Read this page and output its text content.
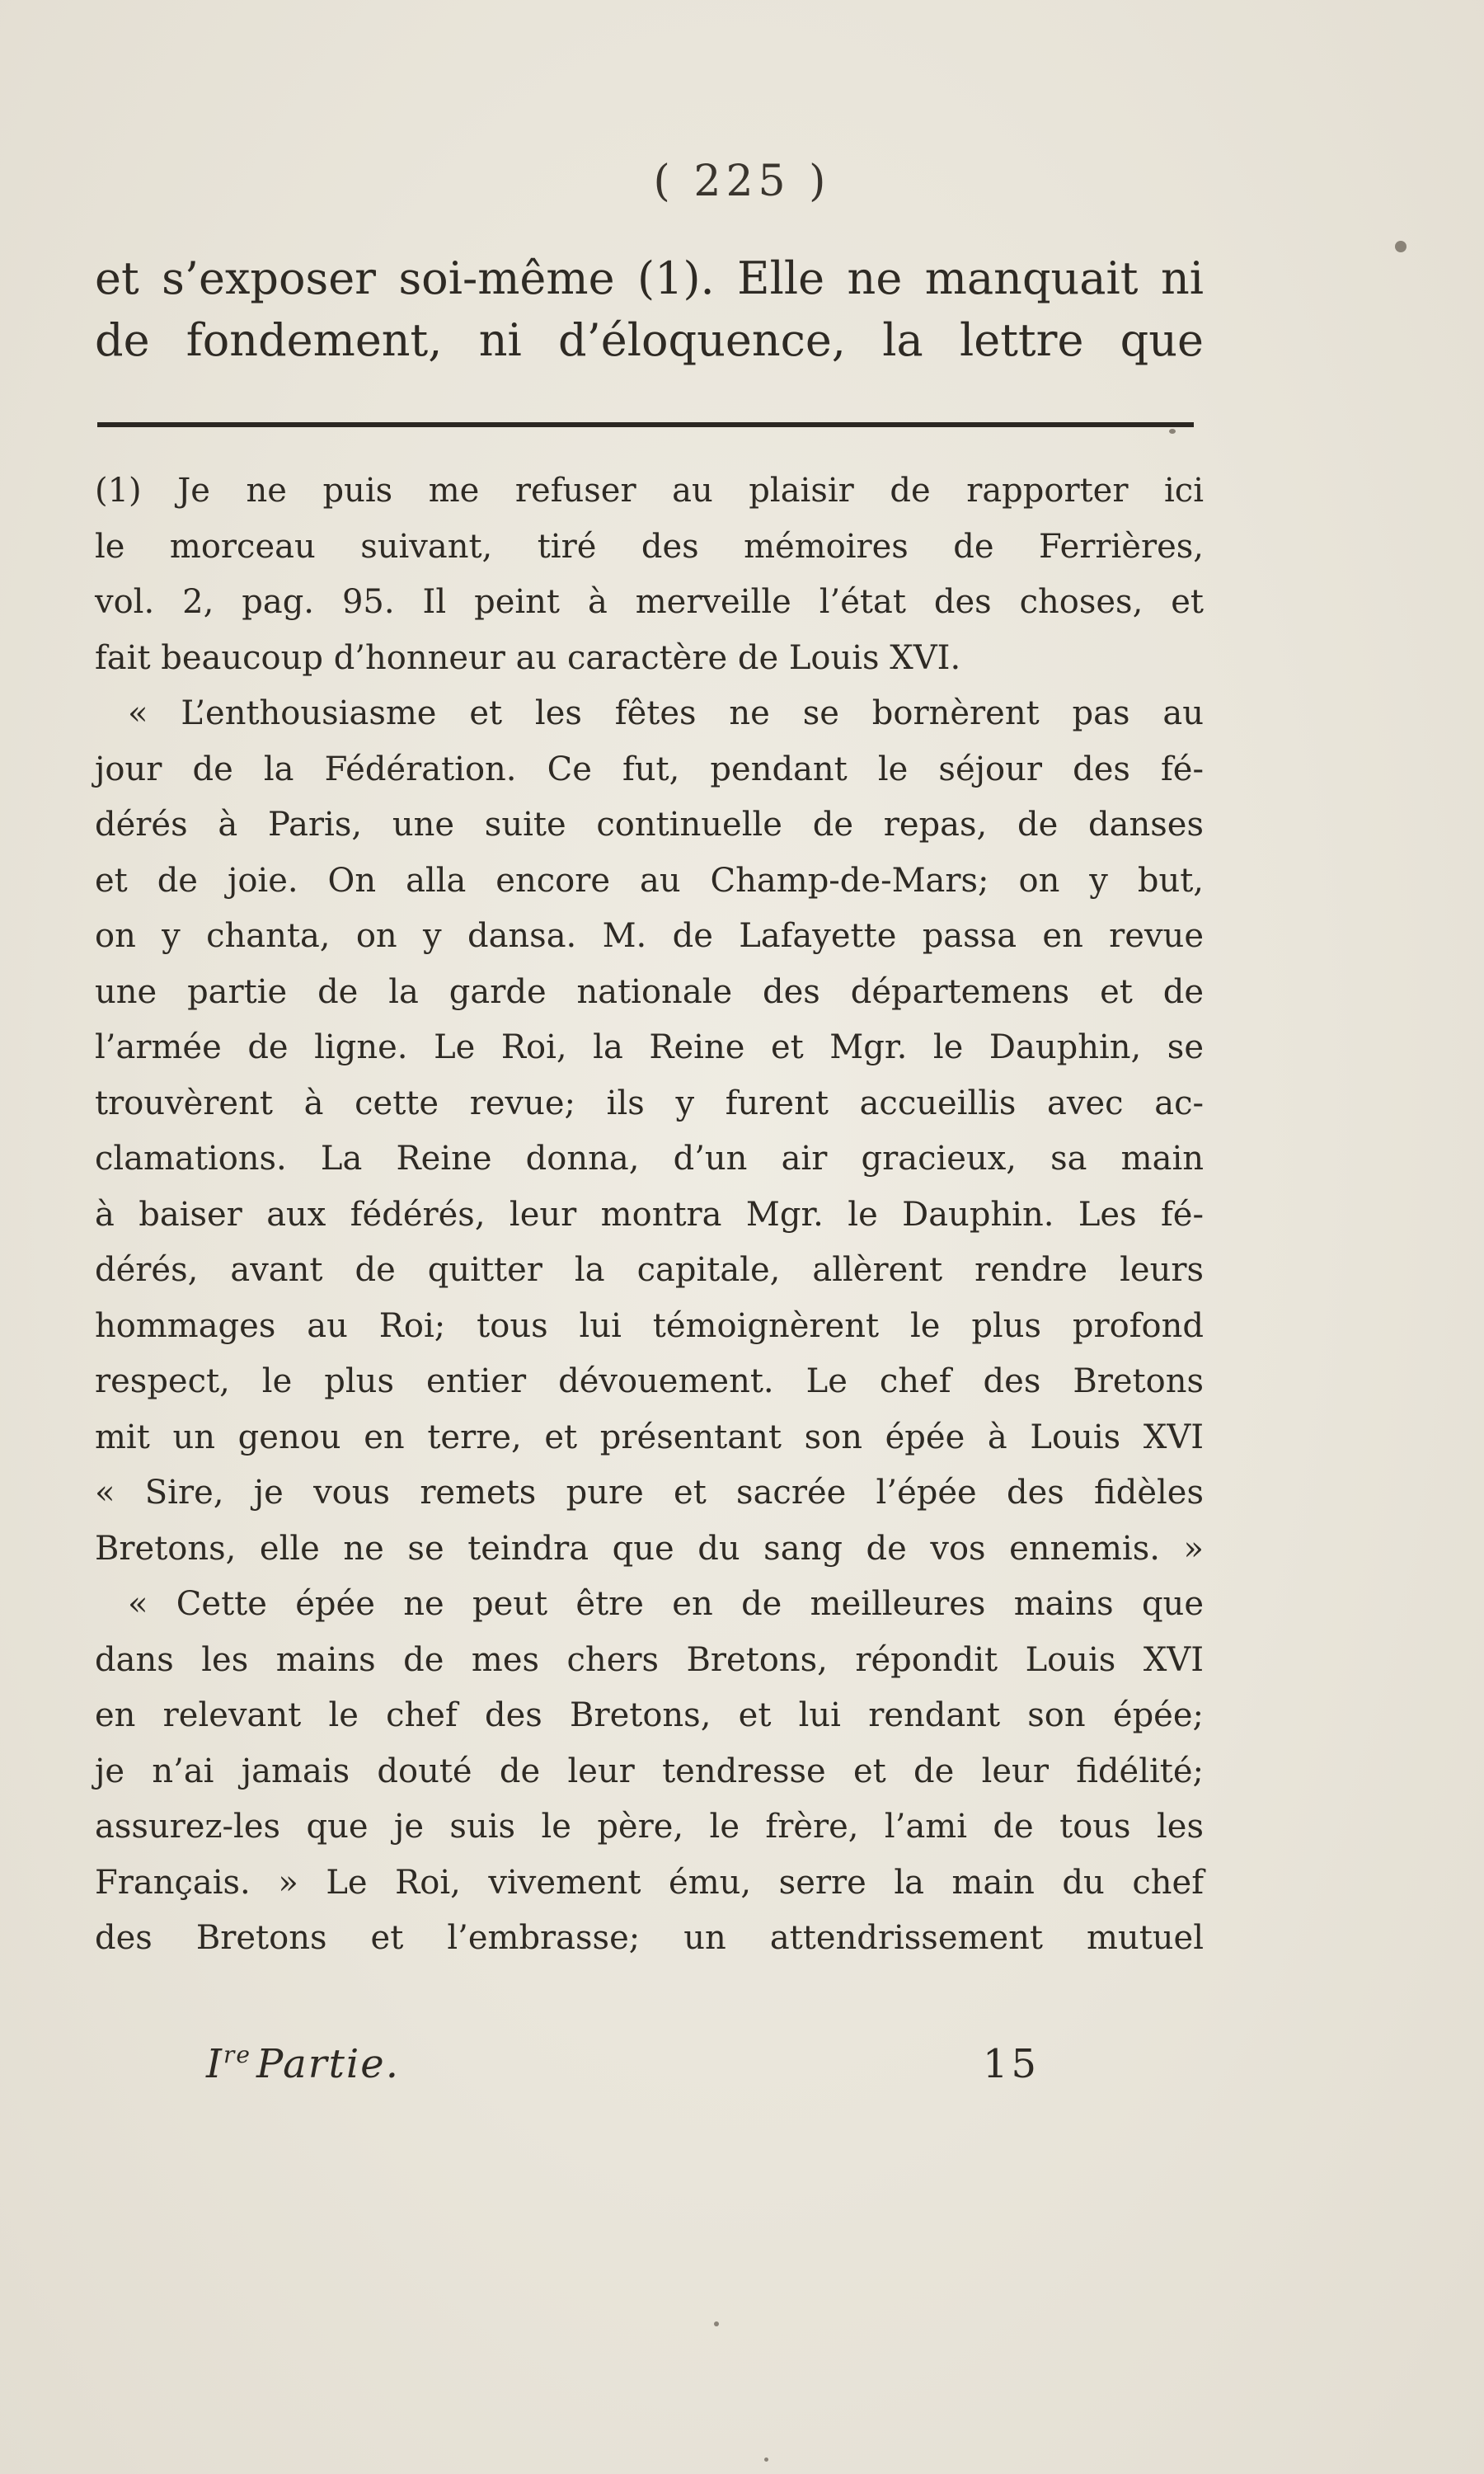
( 225 )
et s’exposer soi-même (1). Elle ne manquait ni
de fondement, ni d’éloquence, la lettre que
(1) Je ne puis me refuser au plaisir de rapporter ici
le morceau suivant, tiré des mémoires de Ferrières,
vol. 2, pag. 95. Il peint à merveille l’état des choses, et
fait beaucoup d’honneur au caractère de Louis XVI.
« L’enthousiasme et les fêtes ne se bornèrent pas au
jour de la Fédération. Ce fut, pendant le séjour des fé-
dérés à Paris, une suite continuelle de repas, de danses
et de joie. On alla encore au Champ-de-Mars; on y but,
on y chanta, on y dansa. M. de Lafayette passa en revue
une partie de la garde nationale des départemens et de
l’armée de ligne. Le Roi, la Reine et Mgr. le Dauphin, se
trouvèrent à cette revue; ils y furent accueillis avec ac-
clamations. La Reine donna, d’un air gracieux, sa main
à baiser aux fédérés, leur montra Mgr. le Dauphin. Les fé-
dérés, avant de quitter la capitale, allèrent rendre leurs
hommages au Roi; tous lui témoignèrent le plus profond
respect, le plus entier dévouement. Le chef des Bretons
mit un genou en terre, et présentant son épée à Louis XVI
« Sire, je vous remets pure et sacrée l’épée des fidèles
Bretons, elle ne se teindra que du sang de vos ennemis. »
« Cette épée ne peut être en de meilleures mains que
dans les mains de mes chers Bretons, répondit Louis XVI
en relevant le chef des Bretons, et lui rendant son épée;
je n’ai jamais douté de leur tendresse et de leur fidélité;
assurez-les que je suis le père, le frère, l’ami de tous les
Français. » Le Roi, vivement ému, serre la main du chef
des Bretons et l’embrasse; un attendrissement mutuel
Ire Partie.	15
